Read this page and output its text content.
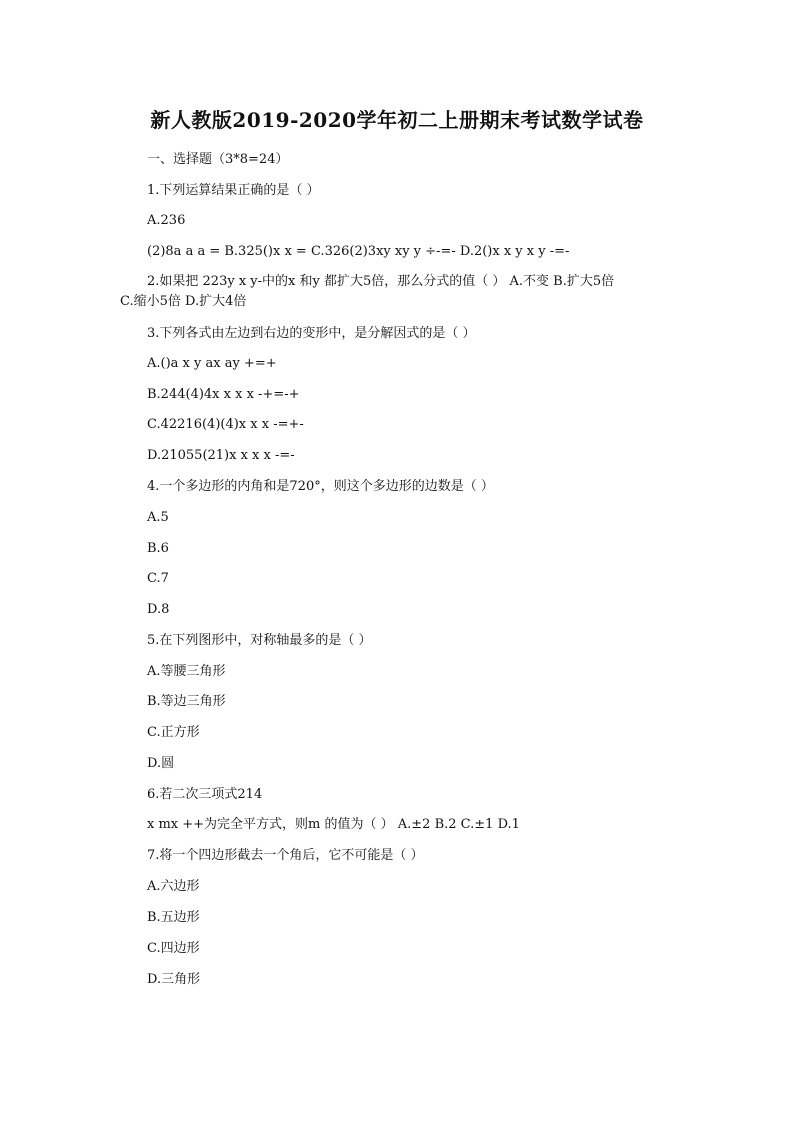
新人教版2019-2020学年初二上册期末考试数学试卷
一、选择题（3*8=24）
1.下列运算结果正确的是（ ）
A.236
(2)8a a a = B.325()x x = C.326(2)3xy xy y ÷-=- D.2()x x y x y -=-
2.如果把 223y x y-中的x 和y 都扩大5倍，那么分式的值（ ） A.不变 B.扩大5倍
C.缩小5倍 D.扩大4倍
3.下列各式由左边到右边的变形中，是分解因式的是（ ）
A.()a x y ax ay +=+
B.244(4)4x x x x -+=-+
C.42216(4)(4)x x x -=+-
D.21055(21)x x x x -=-
4.一个多边形的内角和是720°，则这个多边形的边数是（ ）
A.5
B.6
C.7
D.8
5.在下列图形中，对称轴最多的是（ ）
A.等腰三角形
B.等边三角形
C.正方形
D.圆
6.若二次三项式214
x mx ++为完全平方式，则m 的值为（ ） A.±2 B.2 C.±1 D.1
7.将一个四边形截去一个角后，它不可能是（ ）
A.六边形
B.五边形
C.四边形
D.三角形
